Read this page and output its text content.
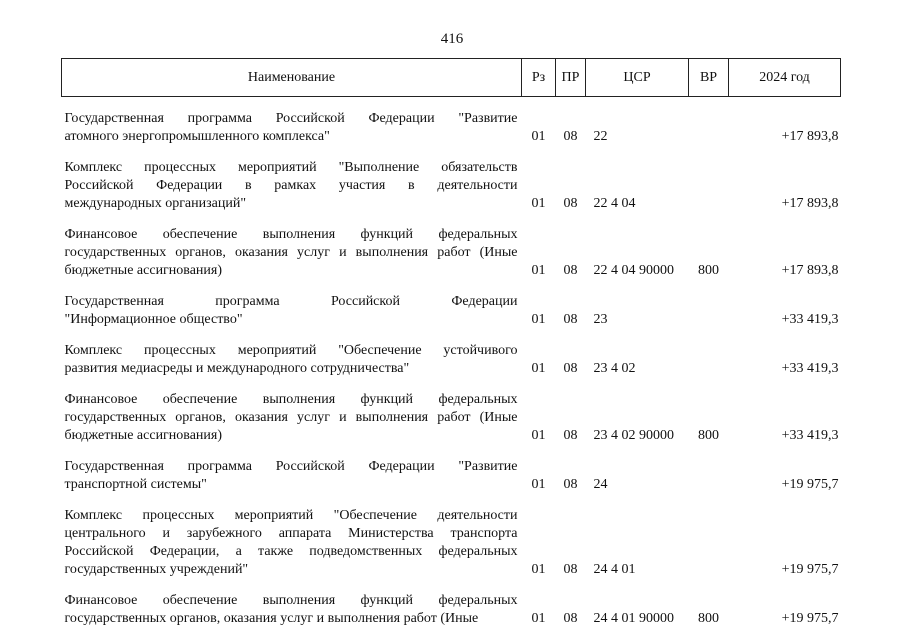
416
Наименование	Рз	ПР	ЦСР	ВР	2024 год

Государственная программа Российской Федерации "Развитие
атомного энергопромышленного комплекса"	01	08	22		+17 893,8

Комплекс процессных мероприятий "Выполнение обязательств
Российской Федерации в рамках участия в деятельности
международных организаций"	01	08	22 4 04		+17 893,8

Финансовое обеспечение выполнения функций федеральных
государственных органов, оказания услуг и выполнения работ (Иные
бюджетные ассигнования)	01	08	22 4 04 90000	800	+17 893,8

Государственная программа Российской Федерации
"Информационное общество"	01	08	23		+33 419,3

Комплекс процессных мероприятий "Обеспечение устойчивого
развития медиасреды и международного сотрудничества"	01	08	23 4 02		+33 419,3

Финансовое обеспечение выполнения функций федеральных
государственных органов, оказания услуг и выполнения работ (Иные
бюджетные ассигнования)	01	08	23 4 02 90000	800	+33 419,3

Государственная программа Российской Федерации "Развитие
транспортной системы"	01	08	24		+19 975,7

Комплекс процессных мероприятий "Обеспечение деятельности
центрального и зарубежного аппарата Министерства транспорта
Российской Федерации, а также подведомственных федеральных
государственных учреждений"	01	08	24 4 01		+19 975,7

Финансовое обеспечение выполнения функций федеральных
государственных органов, оказания услуг и выполнения работ (Иные	01	08	24 4 01 90000	800	+19 975,7
